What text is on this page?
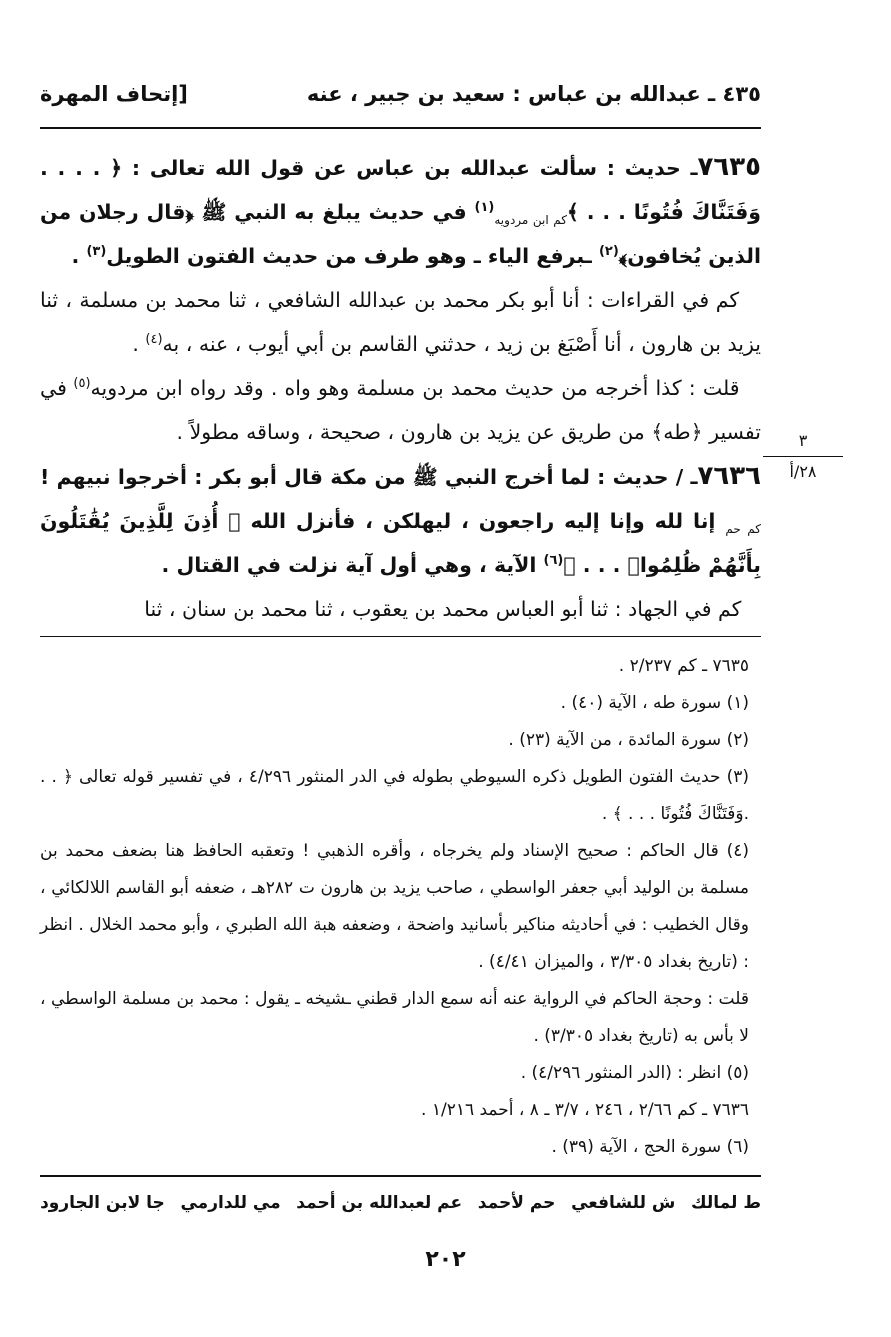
٤٣٥ ـ عبدالله بن عباس : سعيد بن جبير ، عنه
[إتحاف المهرة

٧٦٣٥ـ حديث : سألت عبدالله بن عباس عن قول الله تعالى : ﴿ . . . . وَفَتَنَّاكَ فُتُونًا . . . $﴾_{كم ابن مردويه}^{(١)}$ في حديث يبلغ به النبي ﷺ ﴿قال رجلان من الذين يُخافون﴾$^{(٢)}$ ـبرفع الياء ـ وهو طرف من حديث الفتون الطويل$^{(٣)}$ .

كم في القراءات : أنا أبو بكر محمد بن عبدالله الشافعي ، ثنا محمد بن مسلمة ، ثنا يزيد بن هارون ، أنا أَصْبَغ بن زيد ، حدثني القاسم بن أبي أيوب ، عنه ، به$^{(٤)}$ .

قلت : كذا أخرجه من حديث محمد بن مسلمة وهو واه . وقد رواه ابن مردويه$^{(٥)}$ في تفسير ﴿طه﴾ من طريق عن يزيد بن هارون ، صحيحة ، وساقه مطولاً .

٧٦٣٦ـ / حديث : لما أخرج النبي ﷺ من مكة قال أبو بكر : أخرجوا نبيهم $!_{كم حم}$ إنا لله وإنا إليه راجعون ، ليهلكن ، فأنزل الله ﴿ أُذِنَ لِلَّذِينَ يُقَٰتَلُونَ بِأَنَّهُمْ ظُلِمُوا۟ . . . ﴾$^{(٦)}$ الآية ، وهي أول آية نزلت في القتال .

كم في الجهاد : ثنا أبو العباس محمد بن يعقوب ، ثنا محمد بن سنان ، ثنا

٣
٢٨/أ

٧٦٣٥ ـ كم ٢/٢٣٧ .

(١) سورة طه ، الآية (٤٠) .

(٢) سورة المائدة ، من الآية (٢٣) .

(٣) حديث الفتون الطويل ذكره السيوطي بطوله في الدر المنثور ٤/٢٩٦ ، في تفسير قوله تعالى ﴿ . . .وَفَتَنَّاكَ فُتُونًا . . . ﴾ .

(٤) قال الحاكم : صحيح الإسناد ولم يخرجاه ، وأقره الذهبي ! وتعقبه الحافظ هنا بضعف محمد بن مسلمة بن الوليد أبي جعفر الواسطي ، صاحب يزيد بن هارون ت ٢٨٢هـ ، ضعفه أبو القاسم اللالكائي ، وقال الخطيب : في أحاديثه مناكير بأسانيد واضحة ، وضعفه هبة الله الطبري ، وأبو محمد الخلال . انظر : (تاريخ بغداد ٣/٣٠٥ ، والميزان ٤/٤١) .

قلت : وحجة الحاكم في الرواية عنه أنه سمع الدار قطني ـشيخه ـ يقول : محمد بن مسلمة الواسطي ، لا بأس به (تاريخ بغداد ٣/٣٠٥) .

(٥) انظر : (الدر المنثور ٤/٢٩٦) .

٧٦٣٦ ـ كم ٢/٦٦ ، ٢٤٦ ، ٣/٧ ـ ٨ ، أحمد ١/٢١٦ .

(٦) سورة الحج ، الآية (٣٩) .

ط لمالك
ش للشافعي
حم لأحمد
عم لعبدالله بن أحمد
مي للدارمي
جا لابن الجارود
٢٠٢
